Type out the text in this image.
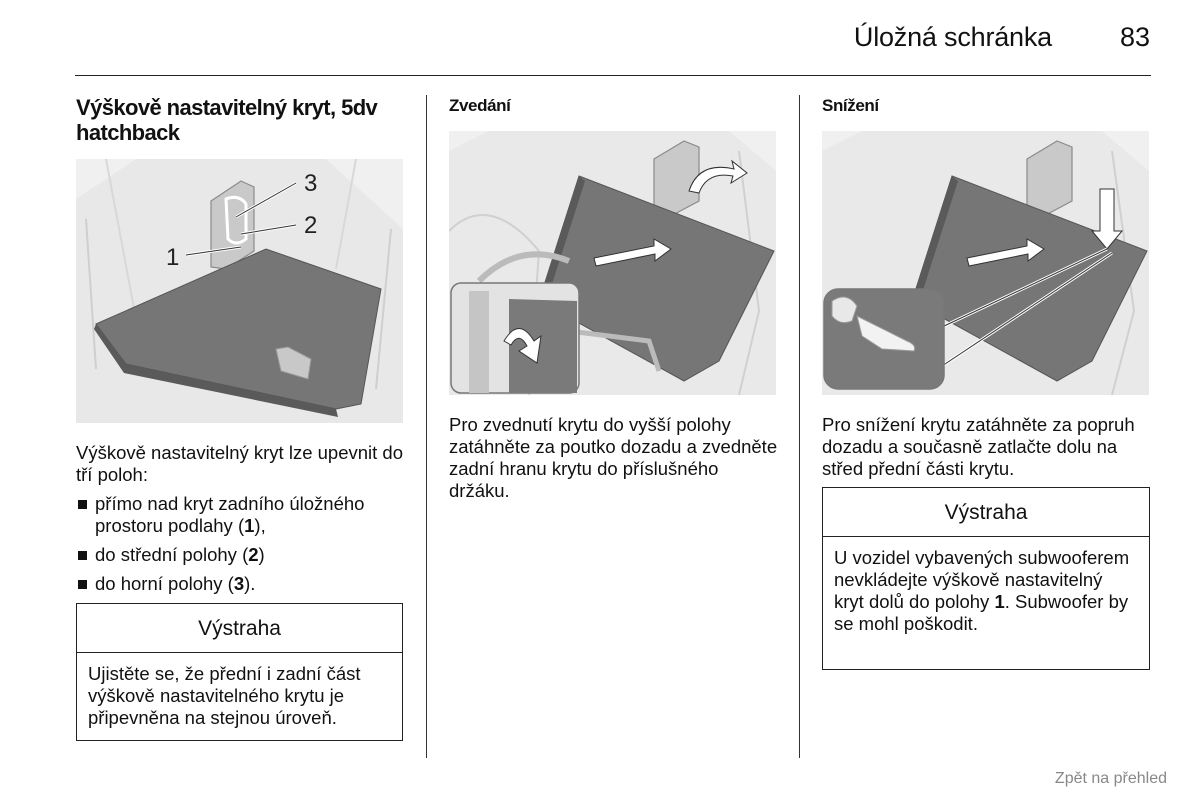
Úložná schránka	83
Výškově nastavitelný kryt, 5dv hatchback
3
2
1

Výškově nastavitelný kryt lze upevnit do tří poloh:

přímo nad kryt zadního úložného prostoru podlahy (1),
do střední polohy (2)
do horní polohy (3).
Výstraha
Ujistěte se, že přední i zadní část výškově nastavitelného krytu je připevněna na stejnou úroveň.
Zvedání

Pro zvednutí krytu do vyšší polohy zatáhněte za poutko dozadu a zvedněte zadní hranu krytu do příslušného držáku.

Snížení

Pro snížení krytu zatáhněte za popruh dozadu a současně zatlačte dolu na střed přední části krytu.

Výstraha
U vozidel vybavených subwooferem nevkládejte výškově nastavitelný kryt dolů do polohy 1. Subwoofer by se mohl poškodit.
Zpět na přehled
